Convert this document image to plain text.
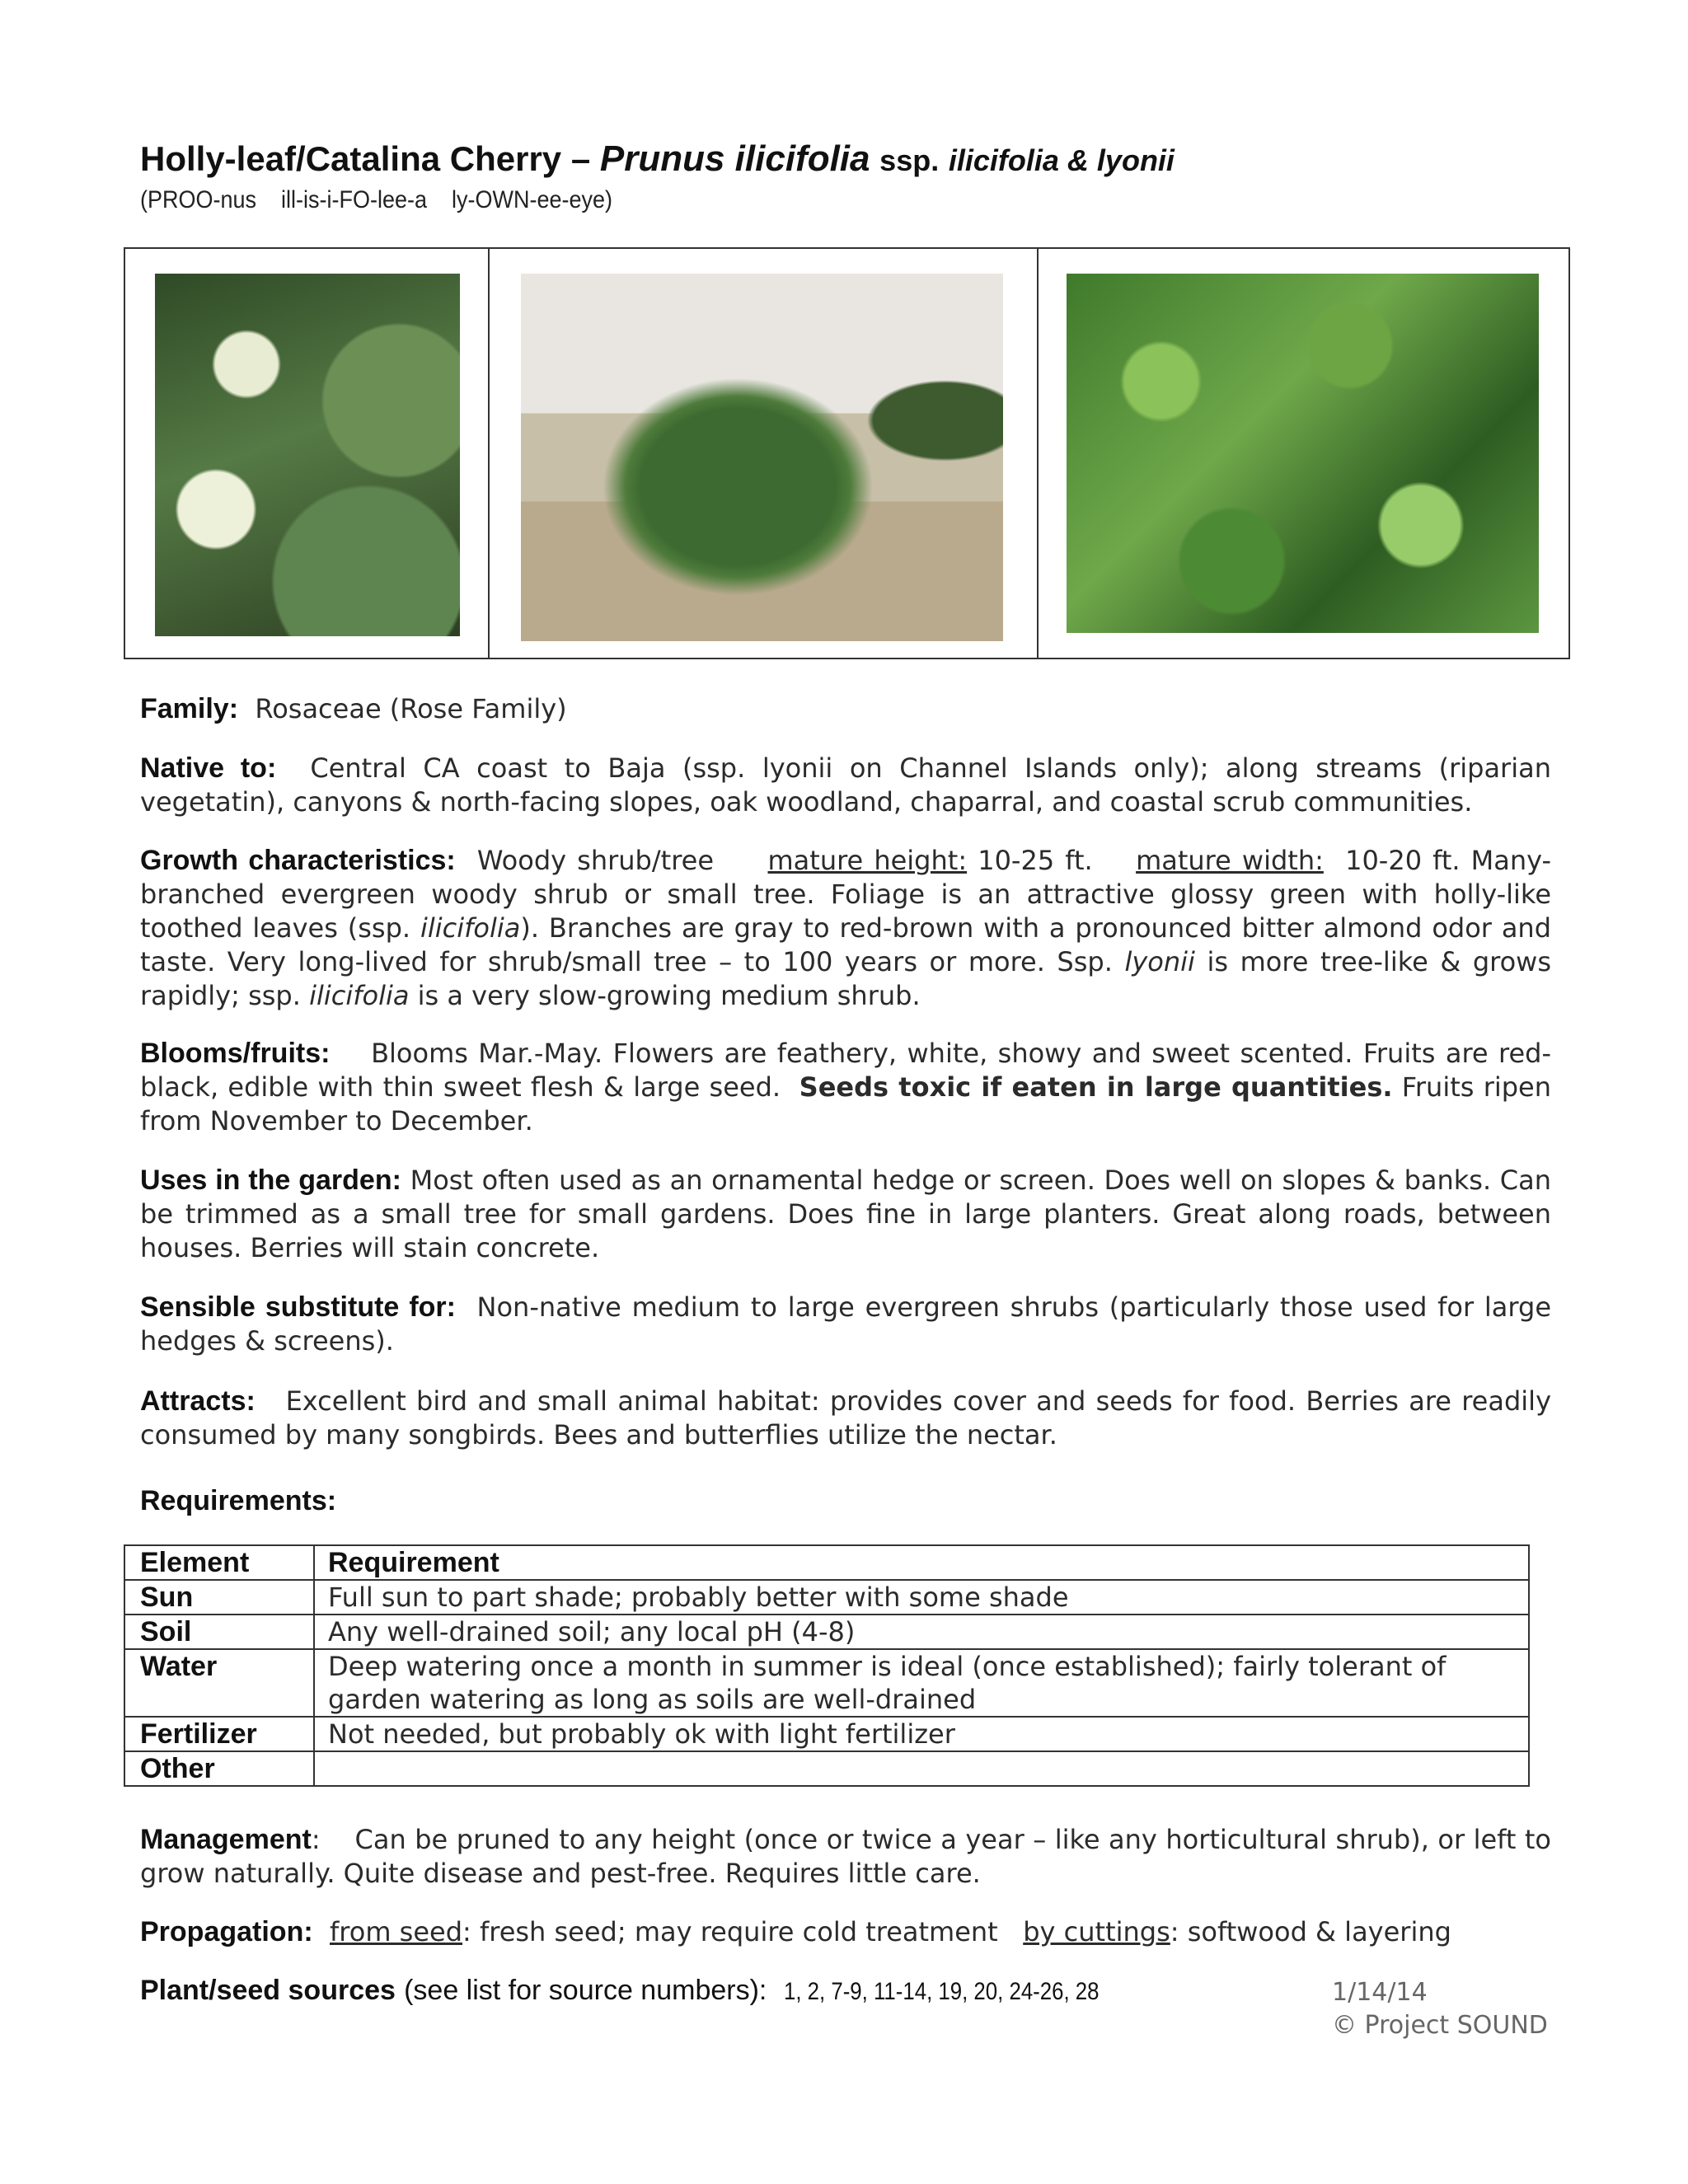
Holly-leaf/Catalina Cherry – Prunus ilicifolia ssp. ilicifolia & lyonii
(PROO-nus    ill-is-i-FO-lee-a    ly-OWN-ee-eye)
Family: Rosaceae (Rose Family)
Native to: Central CA coast to Baja (ssp. lyonii on Channel Islands only); along streams (riparian vegetatin), canyons & north-facing slopes, oak woodland, chaparral, and coastal scrub communities.
Growth characteristics: Woody shrub/tree mature height: 10-25 ft. mature width: 10-20 ft. Many-branched evergreen woody shrub or small tree. Foliage is an attractive glossy green with holly-like toothed leaves (ssp. ilicifolia). Branches are gray to red-brown with a pronounced bitter almond odor and taste. Very long-lived for shrub/small tree – to 100 years or more. Ssp. lyonii is more tree-like & grows rapidly; ssp. ilicifolia is a very slow-growing medium shrub.
Blooms/fruits: Blooms Mar.-May. Flowers are feathery, white, showy and sweet scented. Fruits are red-black, edible with thin sweet flesh & large seed. Seeds toxic if eaten in large quantities. Fruits ripen from November to December.
Uses in the garden: Most often used as an ornamental hedge or screen. Does well on slopes & banks. Can be trimmed as a small tree for small gardens. Does fine in large planters. Great along roads, between houses. Berries will stain concrete.
Sensible substitute for: Non-native medium to large evergreen shrubs (particularly those used for large hedges & screens).
Attracts: Excellent bird and small animal habitat: provides cover and seeds for food. Berries are readily consumed by many songbirds. Bees and butterflies utilize the nectar.
Requirements:
Element	Requirement
Sun	Full sun to part shade; probably better with some shade
Soil	Any well-drained soil; any local pH (4-8)
Water	Deep watering once a month in summer is ideal (once established); fairly tolerant of garden watering as long as soils are well-drained
Fertilizer	Not needed, but probably ok with light fertilizer
Other	
Management: Can be pruned to any height (once or twice a year – like any horticultural shrub), or left to grow naturally. Quite disease and pest-free. Requires little care.
Propagation: from seed: fresh seed; may require cold treatment by cuttings: softwood & layering
Plant/seed sources (see list for source numbers): 1, 2, 7-9, 11-14, 19, 20, 24-26, 28	1/14/14
© Project SOUND
